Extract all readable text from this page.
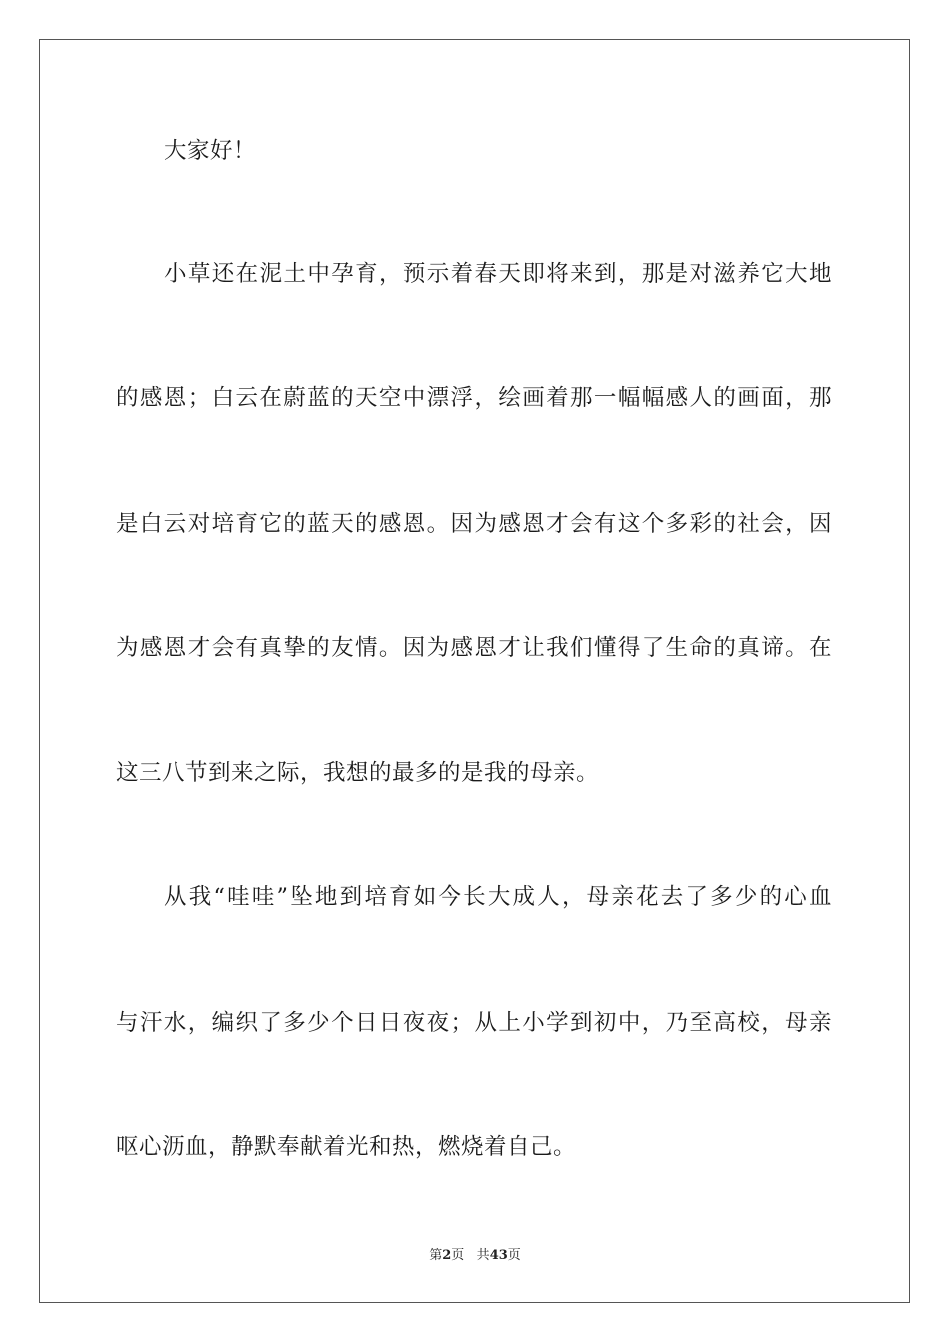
大家好！
小草还在泥土中孕育，预示着春天即将来到，那是对滋养它大地
的感恩；白云在蔚蓝的天空中漂浮，绘画着那一幅幅感人的画面，那
是白云对培育它的蓝天的感恩。因为感恩才会有这个多彩的社会，因
为感恩才会有真挚的友情。因为感恩才让我们懂得了生命的真谛。在
这三八节到来之际，我想的最多的是我的母亲。
从我“哇哇”坠地到培育如今长大成人，母亲花去了多少的心血
与汗水，编织了多少个日日夜夜；从上小学到初中，乃至高校，母亲
呕心沥血，静默奉献着光和热，燃烧着自己。
第2页 共43页
